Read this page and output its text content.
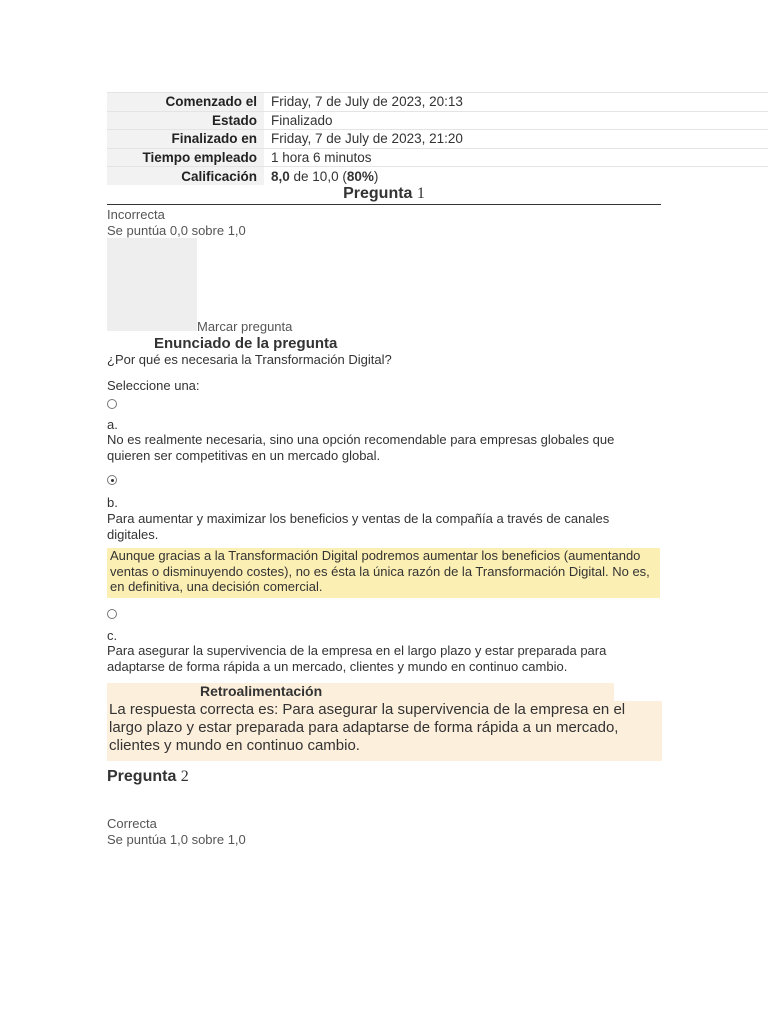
Comenzado el	Friday, 7 de July de 2023, 20:13
Estado	Finalizado
Finalizado en	Friday, 7 de July de 2023, 21:20
Tiempo empleado	1 hora 6 minutos
Calificación	8,0 de 10,0 (80%)
Pregunta 1
Incorrecta
Se puntúa 0,0 sobre 1,0
Marcar pregunta
Enunciado de la pregunta
¿Por qué es necesaria la Transformación Digital?
Seleccione una:
a.
No es realmente necesaria, sino una opción recomendable para empresas globales que quieren ser competitivas en un mercado global.
b.
Para aumentar y maximizar los beneficios y ventas de la compañía a través de canales digitales.
Aunque gracias a la Transformación Digital podremos aumentar los beneficios (aumentando ventas o disminuyendo costes), no es ésta la única razón de la Transformación Digital. No es, en definitiva, una decisión comercial.
c.
Para asegurar la supervivencia de la empresa en el largo plazo y estar preparada para adaptarse de forma rápida a un mercado, clientes y mundo en continuo cambio.
Retroalimentación
La respuesta correcta es: Para asegurar la supervivencia de la empresa en el largo plazo y estar preparada para adaptarse de forma rápida a un mercado, clientes y mundo en continuo cambio.
Pregunta 2
Correcta
Se puntúa 1,0 sobre 1,0
